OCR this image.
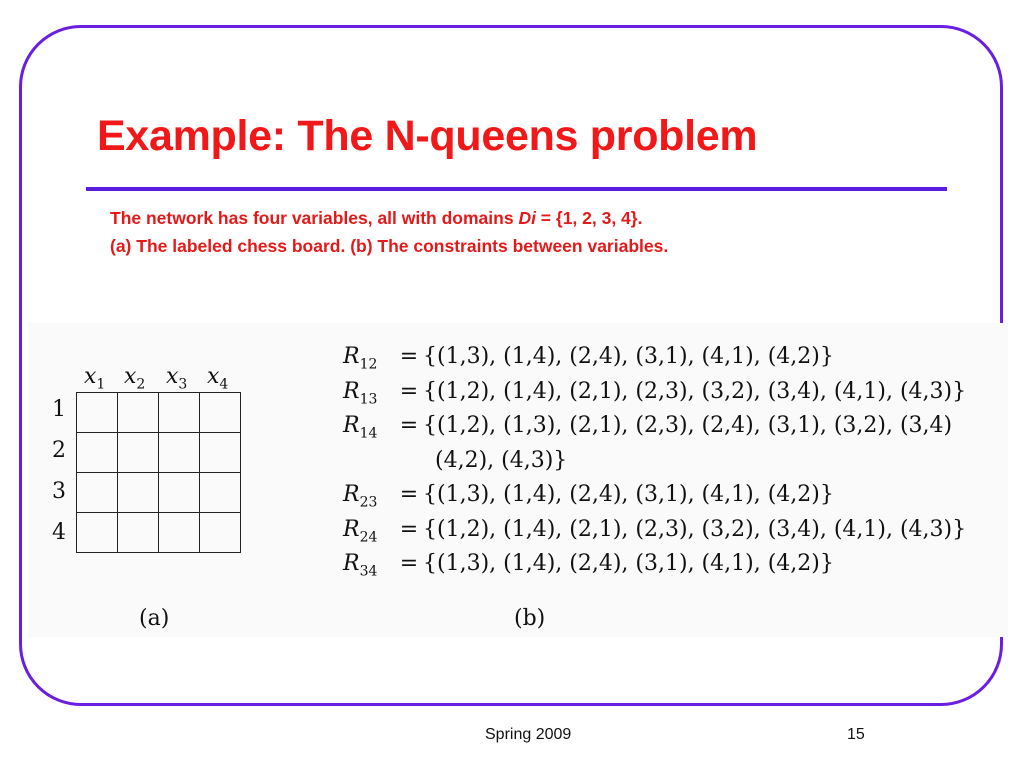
Example: The N-queens problem
The network has four variables, all with domains Di = {1, 2, 3, 4}.
(a) The labeled chess board. (b) The constraints between variables.
$x_1$ $x_2$ $x_3$ $x_4$
1
2
3
4

(a)
$R_{12} = \{(1,3)$, (1,4), (2,4), (3,1), (4,1), (4,2)}
$R_{13} = \{(1,2)$, (1,4), (2,1), (2,3), (3,2), (3,4), (4,1), (4,3)}
$R_{14} = \{(1,2)$, (1,3), (2,1), (2,3), (2,4), (3,1), (3,2), (3,4)
(4,2), (4,3)}
$R_{23} = \{(1,3)$, (1,4), (2,4), (3,1), (4,1), (4,2)}
$R_{24} = \{(1,2)$, (1,4), (2,1), (2,3), (3,2), (3,4), (4,1), (4,3)}
$R_{34} = \{(1,3)$, (1,4), (2,4), (3,1), (4,1), (4,2)}
(b)
Spring 2009	15
